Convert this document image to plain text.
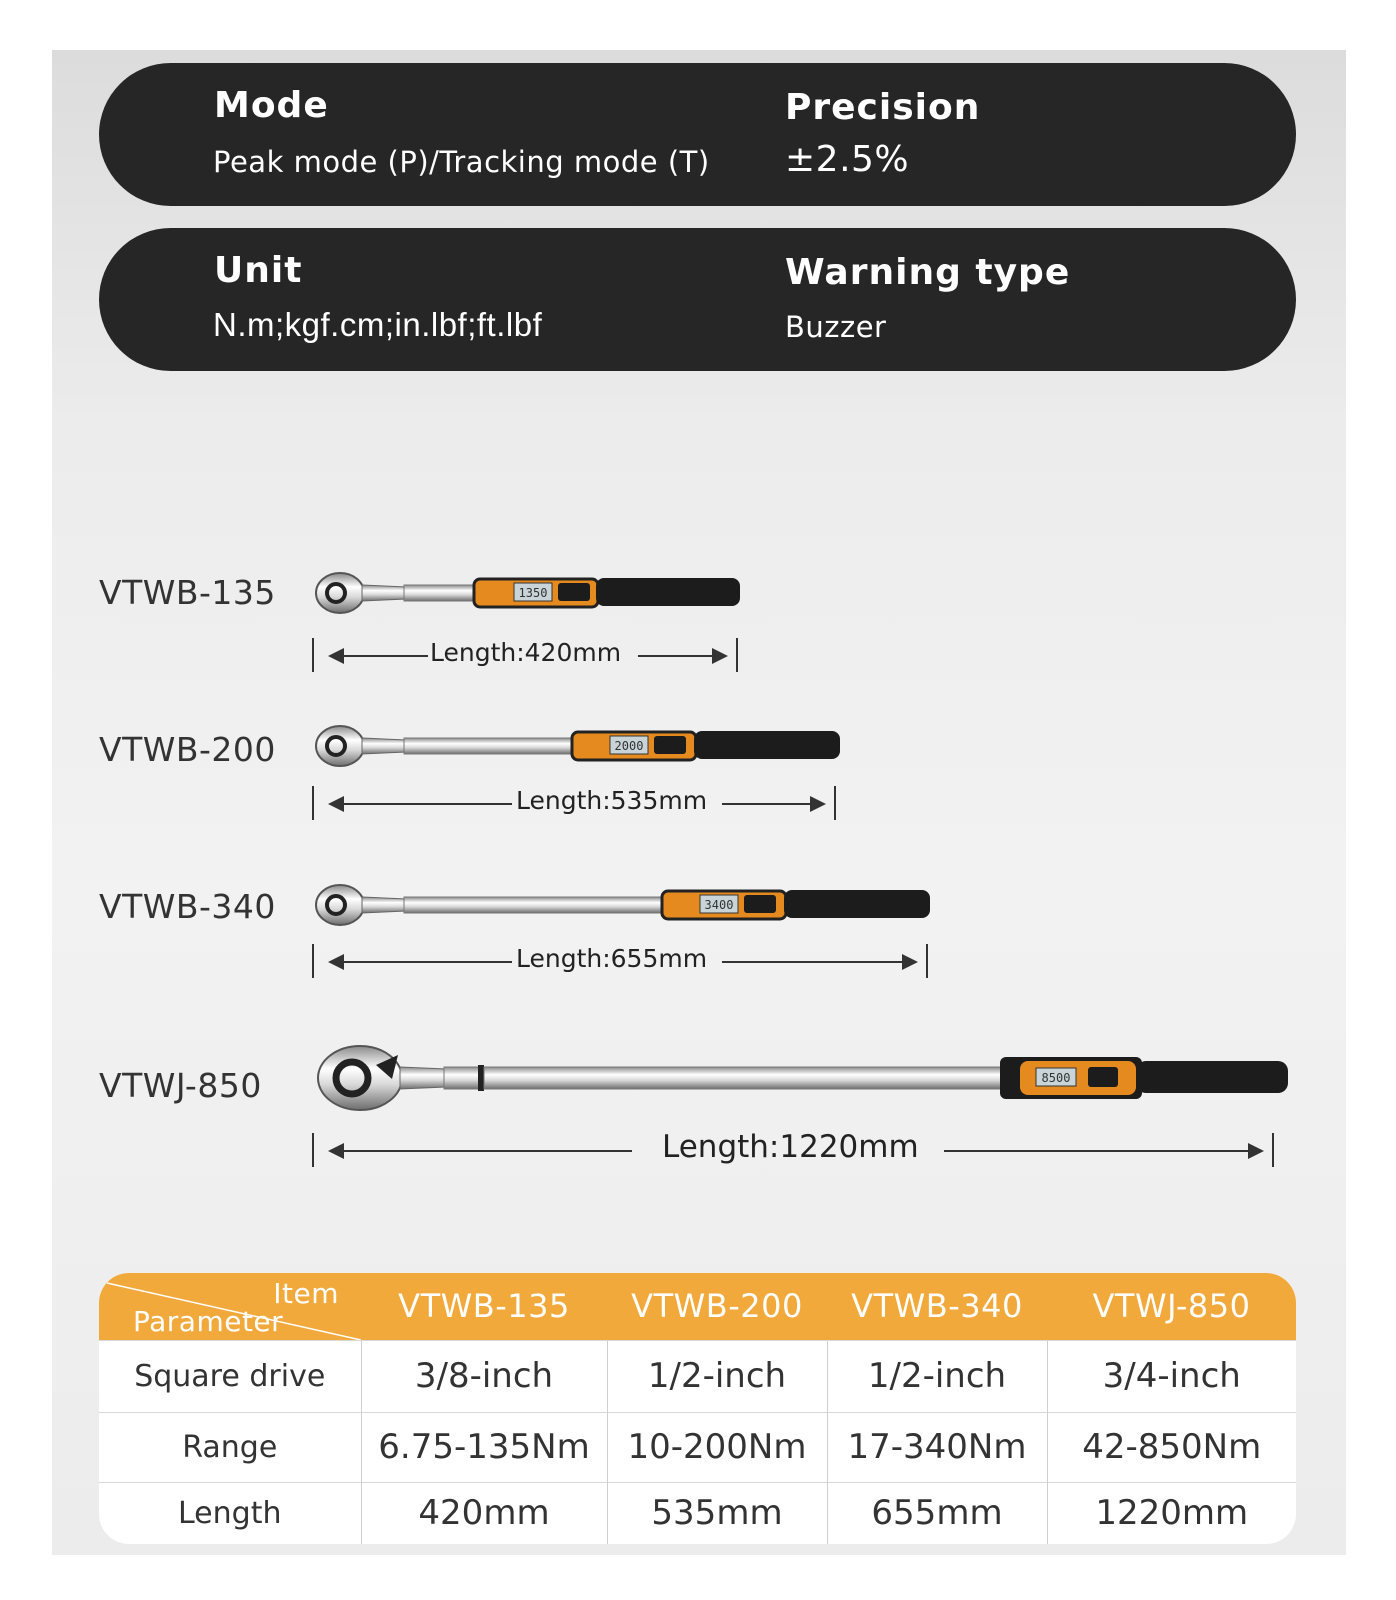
Mode
Peak mode (P)/Tracking mode (T)
Precision
±2.5%
Unit
N.m;kgf.cm;in.lbf;ft.lbf
Warning type
Buzzer
VTWB-135	1350
Length:420mm
VTWB-200	2000
Length:535mm
VTWB-340	3400
Length:655mm
VTWJ-850	8500
Length:1220mm
Item
Parameter	VTWB-135	VTWB-200	VTWB-340	VTWJ-850
Square drive	3/8-inch	1/2-inch	1/2-inch	3/4-inch
Range	6.75-135Nm	10-200Nm	17-340Nm	42-850Nm
Length	420mm	535mm	655mm	1220mm
